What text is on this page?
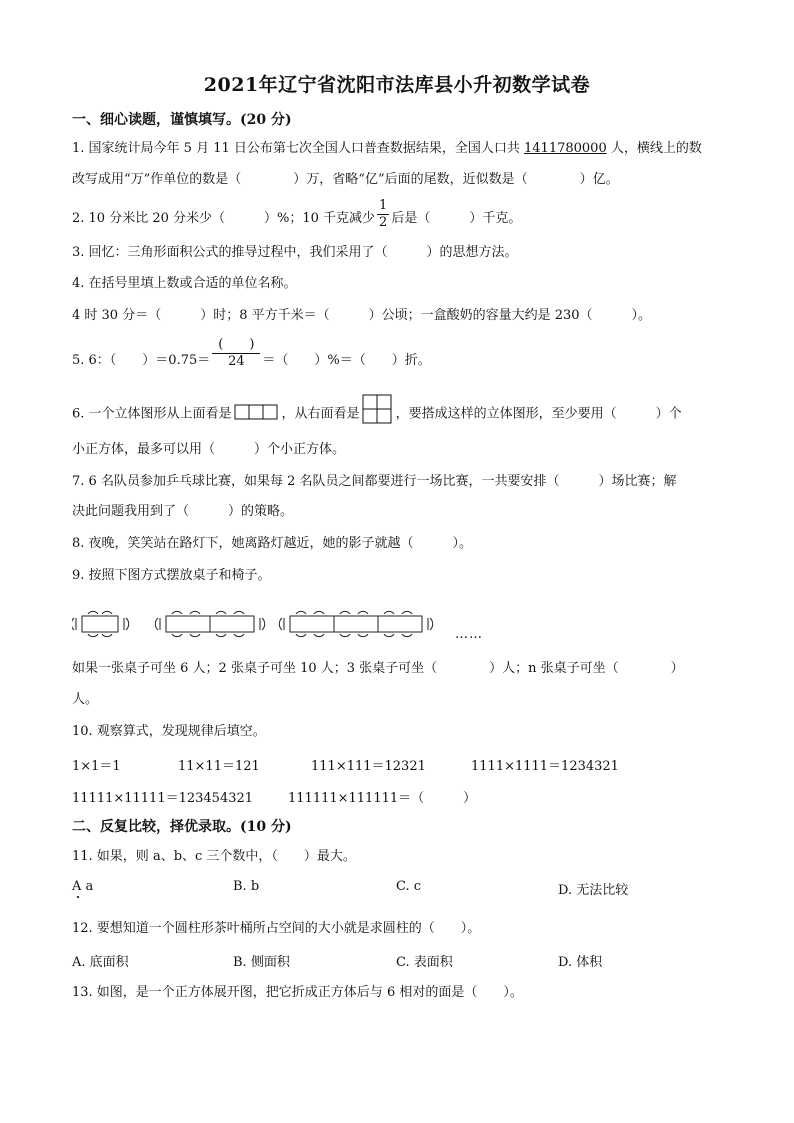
2021年辽宁省沈阳市法库县小升初数学试卷
一、细心读题，谨慎填写。(20 分)
1. 国家统计局今年 5 月 11 日公布第七次全国人口普查数据结果，全国人口共 1411780000 人，横线上的数
改写成用“万”作单位的数是（　　　　）万，省略“亿”后面的尾数，近似数是（　　　　）亿。
2. 10 分米比 20 分米少（　　　）%；10 千克减少 $\frac{1}{2}$ 后是（　　　）千克。
3. 回忆：三角形面积公式的推导过程中，我们采用了（　　　）的思想方法。
4. 在括号里填上数或合适的单位名称。
4 时 30 分＝（　　　）时；8 平方千米＝（　　　）公顷；一盒酸奶的容量大约是 230（　　　）。
5. 6：（　　）$=0.75= \frac{( )}{24}$ ＝（　　）%＝（　　）折。
6. 一个立体图形从上面看是	，从右面看是	，要搭成这样的立体图形，至少要用（　　　）个
小正方体，最多可以用（　　　）个小正方体。
7. 6 名队员参加乒乓球比赛，如果每 2 名队员之间都要进行一场比赛，一共要安排（　　　）场比赛；解
决此问题我用到了（　　　）的策略。
8. 夜晚，笑笑站在路灯下，她离路灯越近，她的影子就越（　　　）。
9. 按照下图方式摆放桌子和椅子。
……
如果一张桌子可坐 6 人；2 张桌子可坐 10 人；3 张桌子可坐（　　　　）人；n 张桌子可坐（　　　　）
人。
10. 观察算式，发现规律后填空。
1×1＝1	11×11＝121	111×111＝12321	1111×1111＝1234321
11111×11111＝123454321	111111×111111＝（　　　）
二、反复比较，择优录取。(10 分)
11. 如果，则 a、b、c 三个数中，（　　）最大。
A a	B. b	C. c	D. 无法比较
12. 要想知道一个圆柱形茶叶桶所占空间的大小就是求圆柱的（　　）。
A. 底面积	B. 侧面积	C. 表面积	D. 体积
13. 如图，是一个正方体展开图，把它折成正方体后与 6 相对的面是（　　）。
